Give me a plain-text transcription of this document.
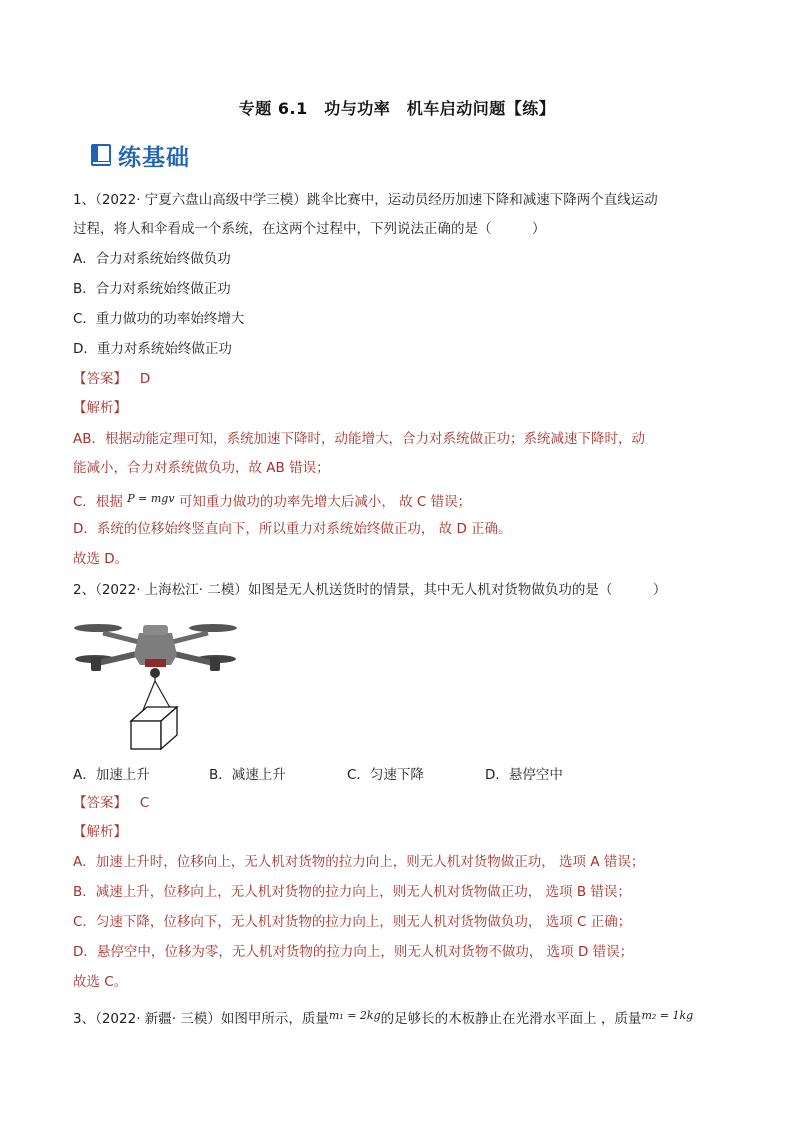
专题 6.1　功与功率　机车启动问题【练】
练基础
1、（2022· 宁夏六盘山高级中学三模）跳伞比赛中，运动员经历加速下降和减速下降两个直线运动
过程，将人和伞看成一个系统，在这两个过程中，下列说法正确的是（　　　）
A．合力对系统始终做负功
B．合力对系统始终做正功
C．重力做功的功率始终增大
D．重力对系统始终做正功
【答案】 D
【解析】
AB．根据动能定理可知，系统加速下降时，动能增大，合力对系统做正功；系统减速下降时，动
能减小，合力对系统做负功，故 AB 错误；
C．根据 $^{P = mgv}$ 可知重力做功的功率先增大后减小， 故 C 错误；
D．系统的位移始终竖直向下，所以重力对系统始终做正功， 故 D 正确。
故选 D。
2、（2022· 上海松江· 二模）如图是无人机送货时的情景，其中无人机对货物做负功的是（　　　）
A．加速上升	B．减速上升	C．匀速下降	D．悬停空中
【答案】 C
【解析】
A．加速上升时，位移向上，无人机对货物的拉力向上，则无人机对货物做正功， 选项 A 错误；
B．减速上升，位移向上，无人机对货物的拉力向上，则无人机对货物做正功， 选项 B 错误；
C．匀速下降，位移向下，无人机对货物的拉力向上，则无人机对货物做负功， 选项 C 正确；
D．悬停空中，位移为零，无人机对货物的拉力向上，则无人机对货物不做功， 选项 D 错误；
故选 C。
3、（2022· 新疆· 三模）如图甲所示，质量$^{m_1 = 2kg}$的足够长的木板静止在光滑水平面上 ，质量$^{m_2 = 1kg}$
